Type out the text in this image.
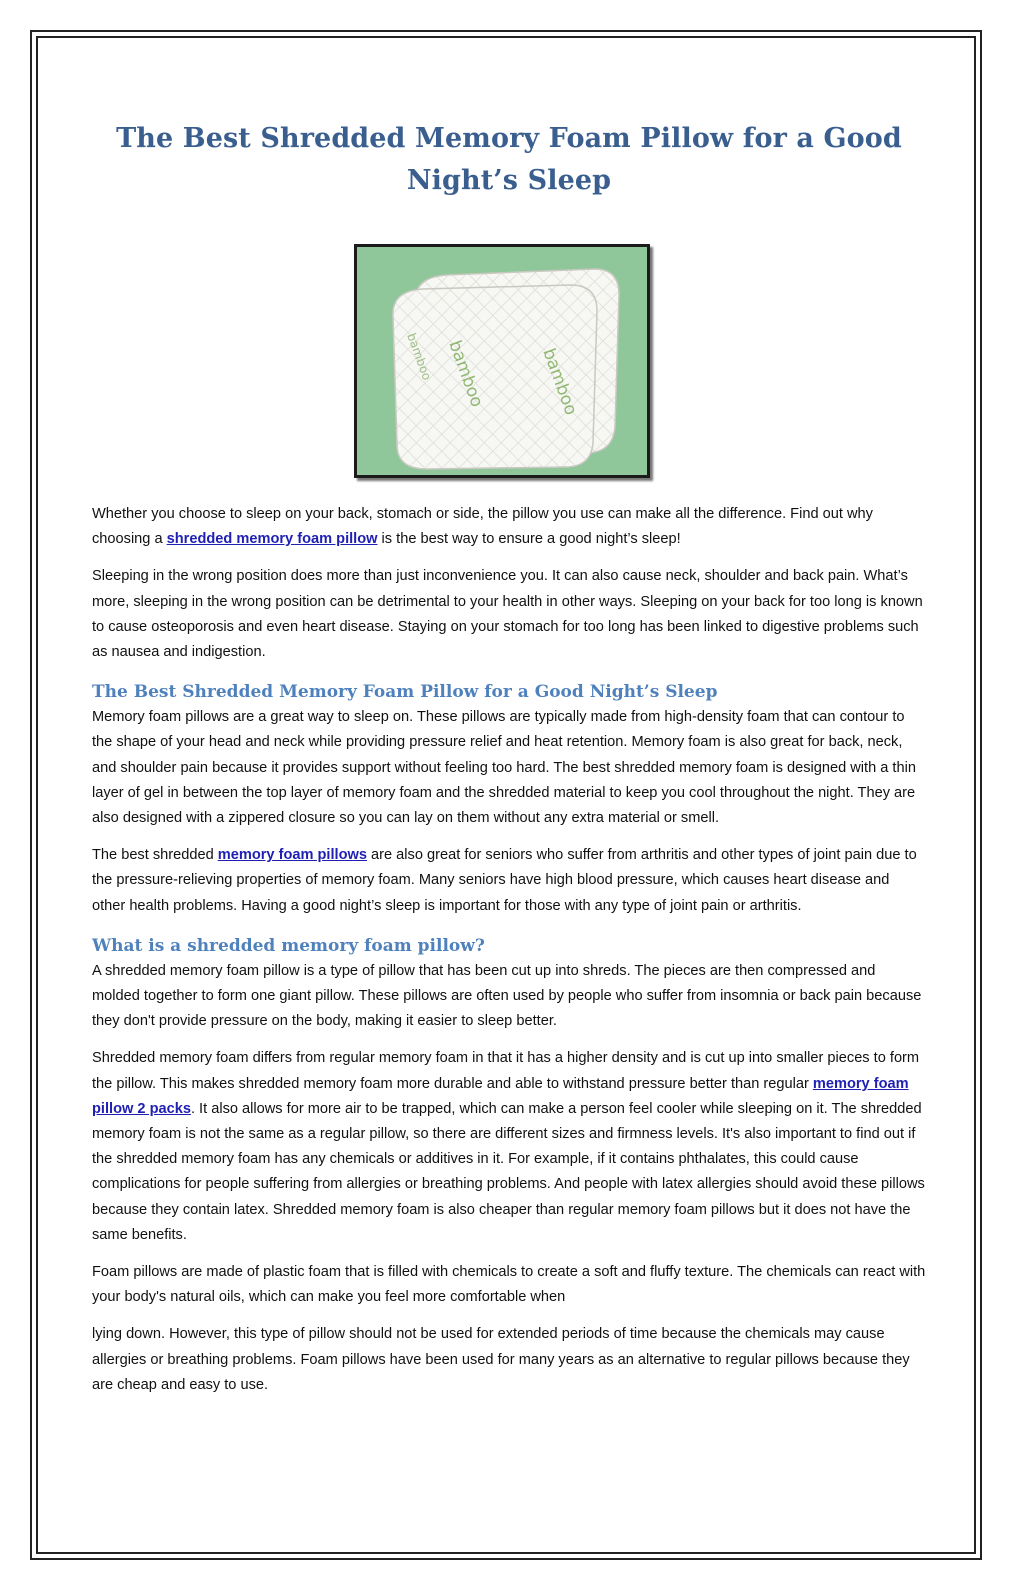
The Best Shredded Memory Foam Pillow for a Good Night’s Sleep
bamboo	bamboo
bamboo

Whether you choose to sleep on your back, stomach or side, the pillow you use can make all the difference. Find out why choosing a shredded memory foam pillow is the best way to ensure a good night’s sleep!

Sleeping in the wrong position does more than just inconvenience you. It can also cause neck, shoulder and back pain. What’s more, sleeping in the wrong position can be detrimental to your health in other ways. Sleeping on your back for too long is known to cause osteoporosis and even heart disease. Staying on your stomach for too long has been linked to digestive problems such as nausea and indigestion.

The Best Shredded Memory Foam Pillow for a Good Night’s Sleep

Memory foam pillows are a great way to sleep on. These pillows are typically made from high-density foam that can contour to the shape of your head and neck while providing pressure relief and heat retention. Memory foam is also great for back, neck, and shoulder pain because it provides support without feeling too hard. The best shredded memory foam is designed with a thin layer of gel in between the top layer of memory foam and the shredded material to keep you cool throughout the night. They are also designed with a zippered closure so you can lay on them without any extra material or smell.

The best shredded memory foam pillows are also great for seniors who suffer from arthritis and other types of joint pain due to the pressure-relieving properties of memory foam. Many seniors have high blood pressure, which causes heart disease and other health problems. Having a good night’s sleep is important for those with any type of joint pain or arthritis.

What is a shredded memory foam pillow?

A shredded memory foam pillow is a type of pillow that has been cut up into shreds. The pieces are then compressed and molded together to form one giant pillow. These pillows are often used by people who suffer from insomnia or back pain because they don't provide pressure on the body, making it easier to sleep better.

Shredded memory foam differs from regular memory foam in that it has a higher density and is cut up into smaller pieces to form the pillow. This makes shredded memory foam more durable and able to withstand pressure better than regular memory foam pillow 2 packs. It also allows for more air to be trapped, which can make a person feel cooler while sleeping on it. The shredded memory foam is not the same as a regular pillow, so there are different sizes and firmness levels. It's also important to find out if the shredded memory foam has any chemicals or additives in it. For example, if it contains phthalates, this could cause complications for people suffering from allergies or breathing problems. And people with latex allergies should avoid these pillows because they contain latex. Shredded memory foam is also cheaper than regular memory foam pillows but it does not have the same benefits.

Foam pillows are made of plastic foam that is filled with chemicals to create a soft and fluffy texture. The chemicals can react with your body's natural oils, which can make you feel more comfortable when

lying down. However, this type of pillow should not be used for extended periods of time because the chemicals may cause allergies or breathing problems. Foam pillows have been used for many years as an alternative to regular pillows because they are cheap and easy to use.
